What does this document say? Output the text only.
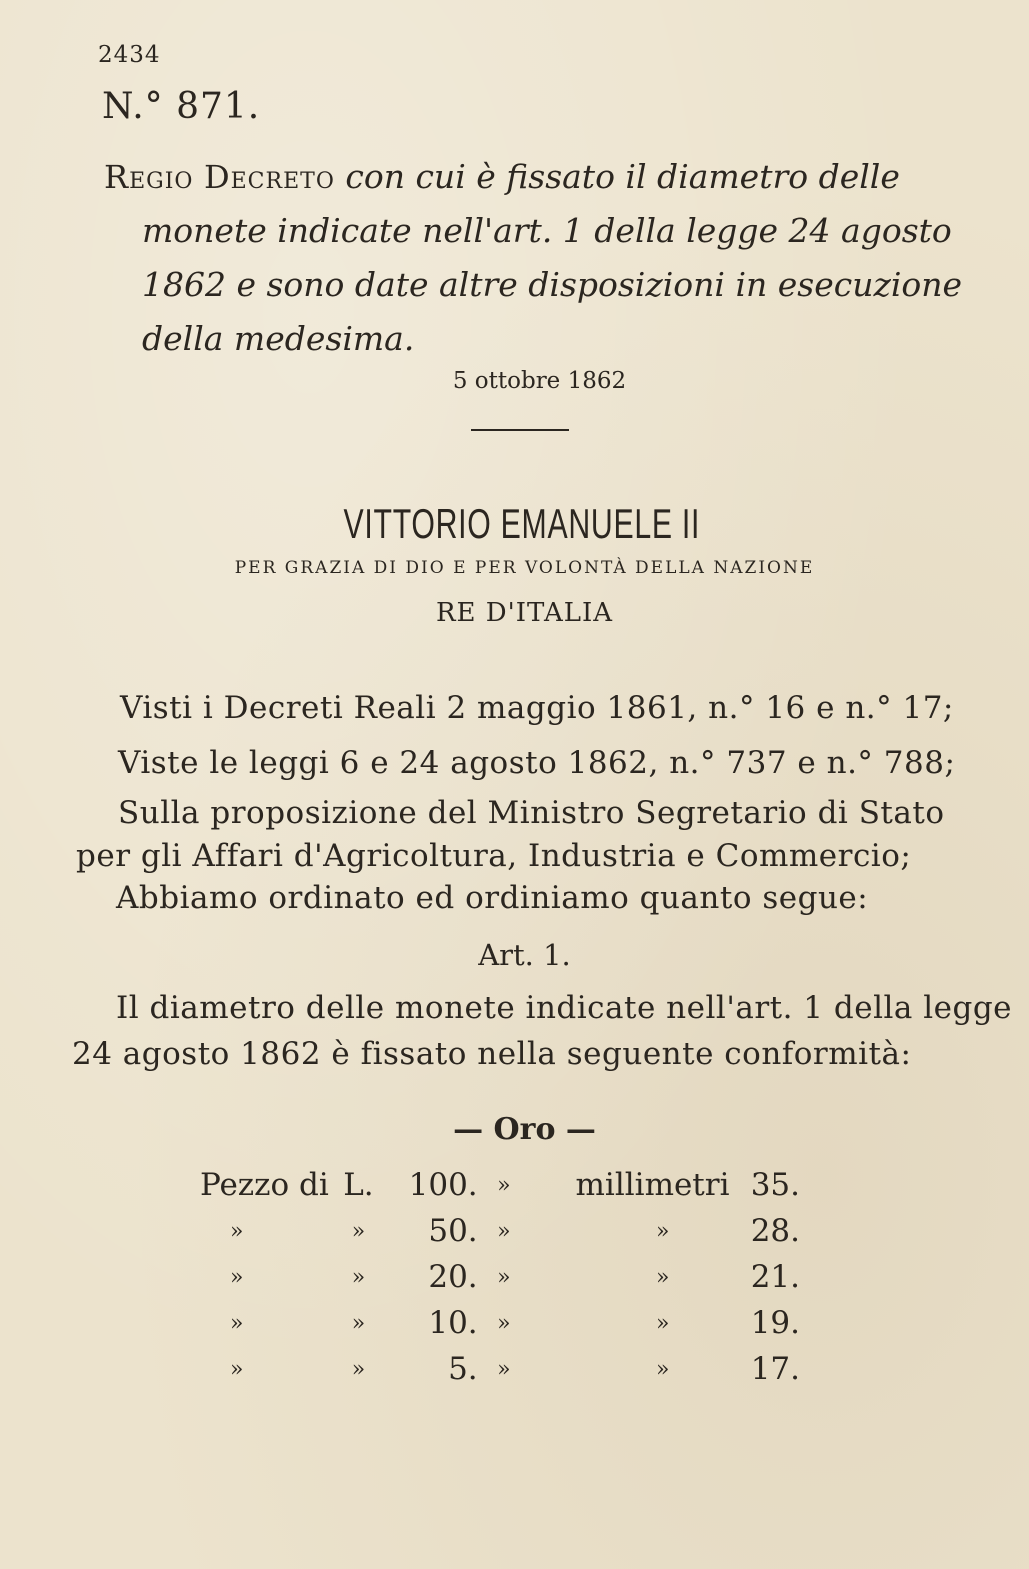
2434
N.° 871.
Regio Decreto con cui è fissato il diametro delle
monete indicate nell'art. 1 della legge 24 agosto
1862 e sono date altre disposizioni in esecuzione
della medesima.
5 ottobre 1862
VITTORIO EMANUELE II
PER GRAZIA DI DIO E PER VOLONTÀ DELLA NAZIONE
RE D'ITALIA
Visti i Decreti Reali 2 maggio 1861, n.° 16 e n.° 17;
Viste le leggi 6 e 24 agosto 1862, n.° 737 e n.° 788;
Sulla proposizione del Ministro Segretario di Stato
per gli Affari d'Agricoltura, Industria e Commercio;
Abbiamo ordinato ed ordiniamo quanto segue:
Art. 1.
Il diametro delle monete indicate nell'art. 1 della legge
24 agosto 1862 è fissato nella seguente conformità:
— Oro —
Pezzo di	L.	100.	»	millimetri	35.
»	»	50.	»	»	28.
»	»	20.	»	»	21.
»	»	10.	»	»	19.
»	»	5.	»	»	17.
